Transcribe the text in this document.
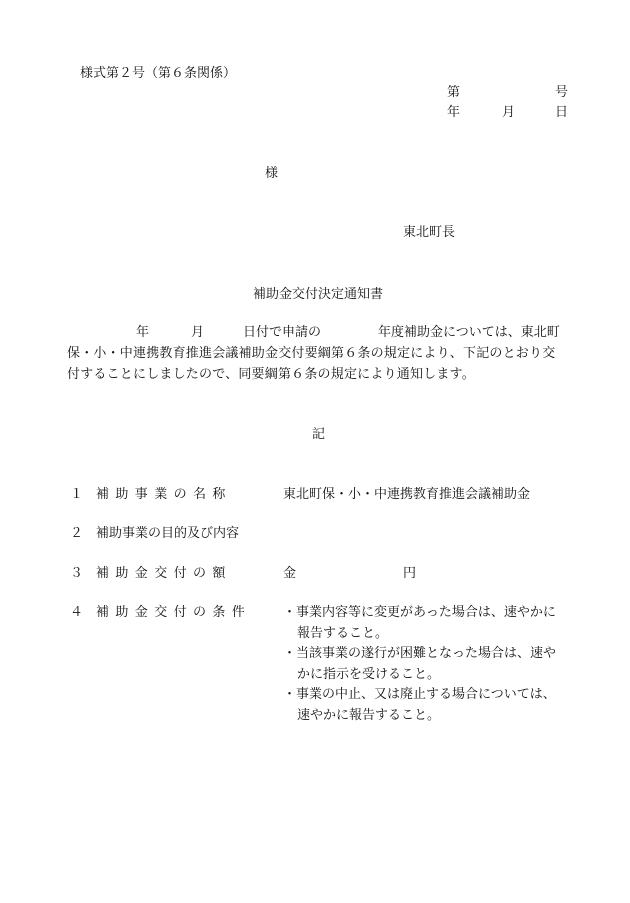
様式第２号（第６条関係）
第	号
年	月	日
様
東北町長
補助金交付決定通知書
年	月	日付で申請の	年度補助金については、東北町
保・小・中連携教育推進会議補助金交付要綱第６条の規定により、下記のとおり交
付することにしましたので、同要綱第６条の規定により通知します。
記
１ 補助事業の名称	東北町保・小・中連携教育推進会議補助金
２ 補助事業の目的及び内容
３ 補助金交付の額	金	円
４ 補助金交付の条件 ・事業内容等に変更があった場合は、速やかに
報告すること。
・当該事業の遂行が困難となった場合は、速や
かに指示を受けること。
・事業の中止、又は廃止する場合については、
速やかに報告すること。
